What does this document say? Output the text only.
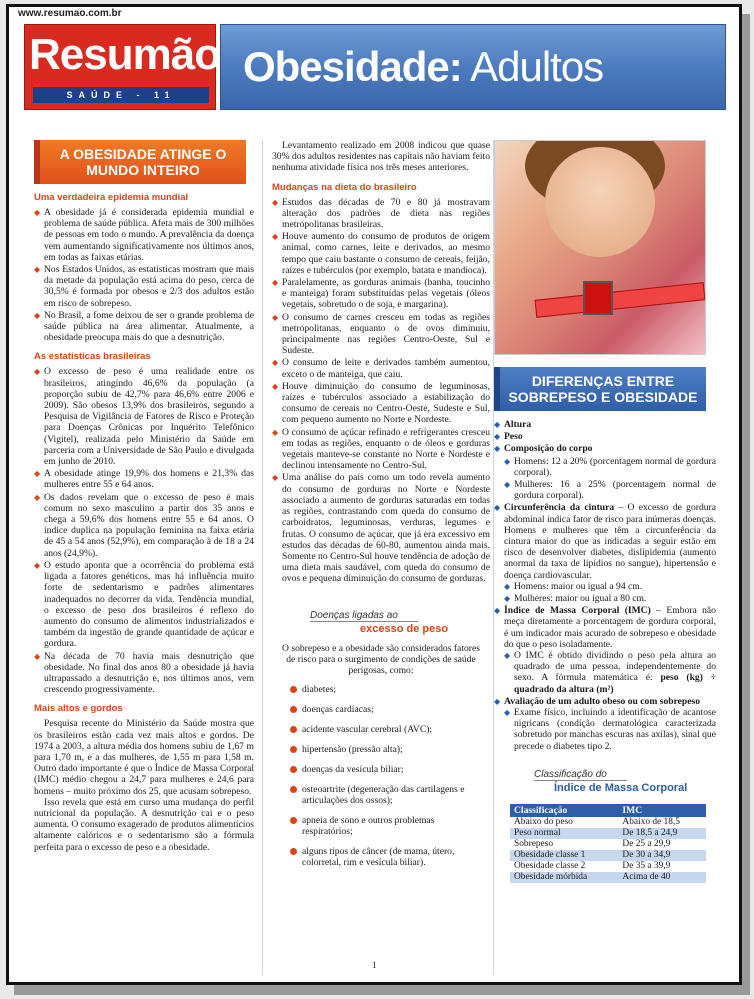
www.resumao.com.br
Resumão
SAÚDE - 11
Obesidade: Adultos
A OBESIDADE ATINGE O MUNDO INTEIRO
Uma verdadeira epidemia mundial
◆ A obesidade já é considerada epidemia mundial e problema de saúde pública. Afeta mais de 300 milhões de pessoas em todo o mundo. A prevalência da doença vem aumentando significativamente nos últimos anos, em todas as faixas etárias.
◆ Nos Estados Unidos, as estatísticas mostram que mais da metade da população está acima do peso, cerca de 30,5% é formada por obesos e 2/3 dos adultos estão em risco de sobrepeso.
◆ No Brasil, a fome deixou de ser o grande problema de saúde pública na área alimentar. Atualmente, a obesidade preocupa mais do que a desnutrição.
As estatísticas brasileiras
◆ O excesso de peso é uma realidade entre os brasileiros, atingindo 46,6% da população (a proporção subiu de 42,7% para 46,6% entre 2006 e 2009). São obesos 13,9% dos brasileiros, segundo a Pesquisa de Vigilância de Fatores de Risco e Proteção para Doenças Crônicas por Inquérito Telefônico (Vigitel), realizada pelo Ministério da Saúde em parceria com a Universidade de São Paulo e divulgada em junho de 2010.
◆ A obesidade atinge 19,9% dos homens e 21,3% das mulheres entre 55 e 64 anos.
◆ Os dados revelam que o excesso de peso é mais comum no sexo masculino a partir dos 35 anos e chega a 59,6% dos homens entre 55 e 64 anos. O índice duplica na população feminina na faixa etária de 45 a 54 anos (52,9%), em comparação à de 18 a 24 anos (24,9%).
◆ O estudo aponta que a ocorrência do problema está ligada a fatores genéticos, mas há influência muito forte de sedentarismo e padrões alimentares inadequados no decorrer da vida. Tendência mundial, o excesso de peso dos brasileiros é reflexo do aumento do consumo de alimentos industrializados e também da ingestão de grande quantidade de açúcar e gordura.
◆ Na década de 70 havia mais desnutrição que obesidade. No final dos anos 80 a obesidade já havia ultrapassado a desnutrição e, nos últimos anos, vem crescendo progressivamente.
Mais altos e gordos

Pesquisa recente do Ministério da Saúde mostra que os brasileiros estão cada vez mais altos e gordos. De 1974 a 2003, a altura média dos homens subiu de 1,67 m para 1,70 m, e a das mulheres, de 1,55 m para 1,58 m. Outro dado importante é que o Índice de Massa Corporal (IMC) médio chegou a 24,7 para mulheres e 24,6 para homens – muito próximo dos 25, que acusam sobrepeso.

Isso revela que está em curso uma mudança do perfil nutricional da população. A desnutrição cai e o peso aumenta. O consumo exagerado de produtos alimentícios altamente calóricos e o sedentarismo são a fórmula perfeita para o excesso de peso e a obesidade.

Levantamento realizado em 2008 indicou que quase 30% dos adultos residentes nas capitais não haviam feito nenhuma atividade física nos três meses anteriores.

Mudanças na dieta do brasileiro
◆ Estudos das décadas de 70 e 80 já mostravam alteração dos padrões de dieta nas regiões metropolitanas brasileiras.
◆ Houve aumento do consumo de produtos de origem animal, como carnes, leite e derivados, ao mesmo tempo que caiu bastante o consumo de cereais, feijão, raízes e tubérculos (por exemplo, batata e mandioca).
◆ Paralelamente, as gorduras animais (banha, toucinho e manteiga) foram substituídas pelas vegetais (óleos vegetais, sobretudo o de soja, e margarina).
◆ O consumo de carnes cresceu em todas as regiões metropolitanas, enquanto o de ovos diminuiu, principalmente nas regiões Centro-Oeste, Sul e Sudeste.
◆ O consumo de leite e derivados também aumentou, exceto o de manteiga, que caiu.
◆ Houve diminuição do consumo de leguminosas, raízes e tubérculos associado a estabilização do consumo de cereais no Centro-Oeste, Sudeste e Sul, com pequeno aumento no Norte e Nordeste.
◆ O consumo de açúcar refinado e refrigerantes cresceu em todas as regiões, enquanto o de óleos e gorduras vegetais manteve-se constante no Norte e Nordeste e declinou intensamente no Centro-Sul.
◆ Uma análise do país como um todo revela aumento do consumo de gorduras no Norte e Nordeste associado a aumento de gorduras saturadas em todas as regiões, contrastando com queda do consumo de carboidratos, leguminosas, verduras, legumes e frutas. O consumo de açúcar, que já era excessivo em estudos das décadas de 60-80, aumentou ainda mais. Somente no Centro-Sul houve tendência de adoção de uma dieta mais saudável, com queda do consumo de ovos e pequena diminuição do consumo de gorduras.
Doenças ligadas ao
excesso de peso

O sobrepeso e a obesidade são considerados fatores de risco para o surgimento de condições de saúde perigosas, como:

diabetes;
doenças cardíacas;
acidente vascular cerebral (AVC);
hipertensão (pressão alta);
doenças da vesícula biliar;
osteoartrite (degeneração das cartilagens e articulações dos ossos);
apneia de sono e outros problemas respiratórios;
alguns tipos de câncer (de mama, útero, colorretal, rim e vesícula biliar).
DIFERENÇAS ENTRE SOBREPESO E OBESIDADE
◆ Altura
◆ Peso
◆ Composição do corpo
◆ Homens: 12 a 20% (porcentagem normal de gordura corporal).
◆ Mulheres: 16 a 25% (porcentagem normal de gordura corporal).
◆ Circunferência da cintura – O excesso de gordura abdominal indica fator de risco para inúmeras doenças. Homens e mulheres que têm a circunferência da cintura maior do que as indicadas a seguir estão em risco de desenvolver diabetes, dislipidemia (aumento anormal da taxa de lipídios no sangue), hipertensão e doença cardiovascular.
◆ Homens: maior ou igual a 94 cm.
◆ Mulheres: maior ou igual a 80 cm.
◆ Índice de Massa Corporal (IMC) – Embora não meça diretamente a porcentagem de gordura corporal, é um indicador mais acurado de sobrepeso e obesidade do que o peso isoladamente.
◆ O IMC é obtido dividindo o peso pela altura ao quadrado de uma pessoa, independentemente do sexo. A fórmula matemática é: peso (kg) ÷ quadrado da altura (m²)
◆ Avaliação de um adulto obeso ou com sobrepeso
◆ Exame físico, incluindo a identificação de acantose nigricans (condição dermatológica caracterizada sobretudo por manchas escuras nas axilas), sinal que precede o diabetes tipo 2.
Classificação do
Índice de Massa Corporal
Classificação	IMC
Abaixo do peso	Abaixo de 18,5
Peso normal	De 18,5 a 24,9
Sobrepeso	De 25 a 29,9
Obesidade classe 1	De 30 a 34,9
Obesidade classe 2	De 35 a 39,9
Obesidade mórbida	Acima de 40
1
